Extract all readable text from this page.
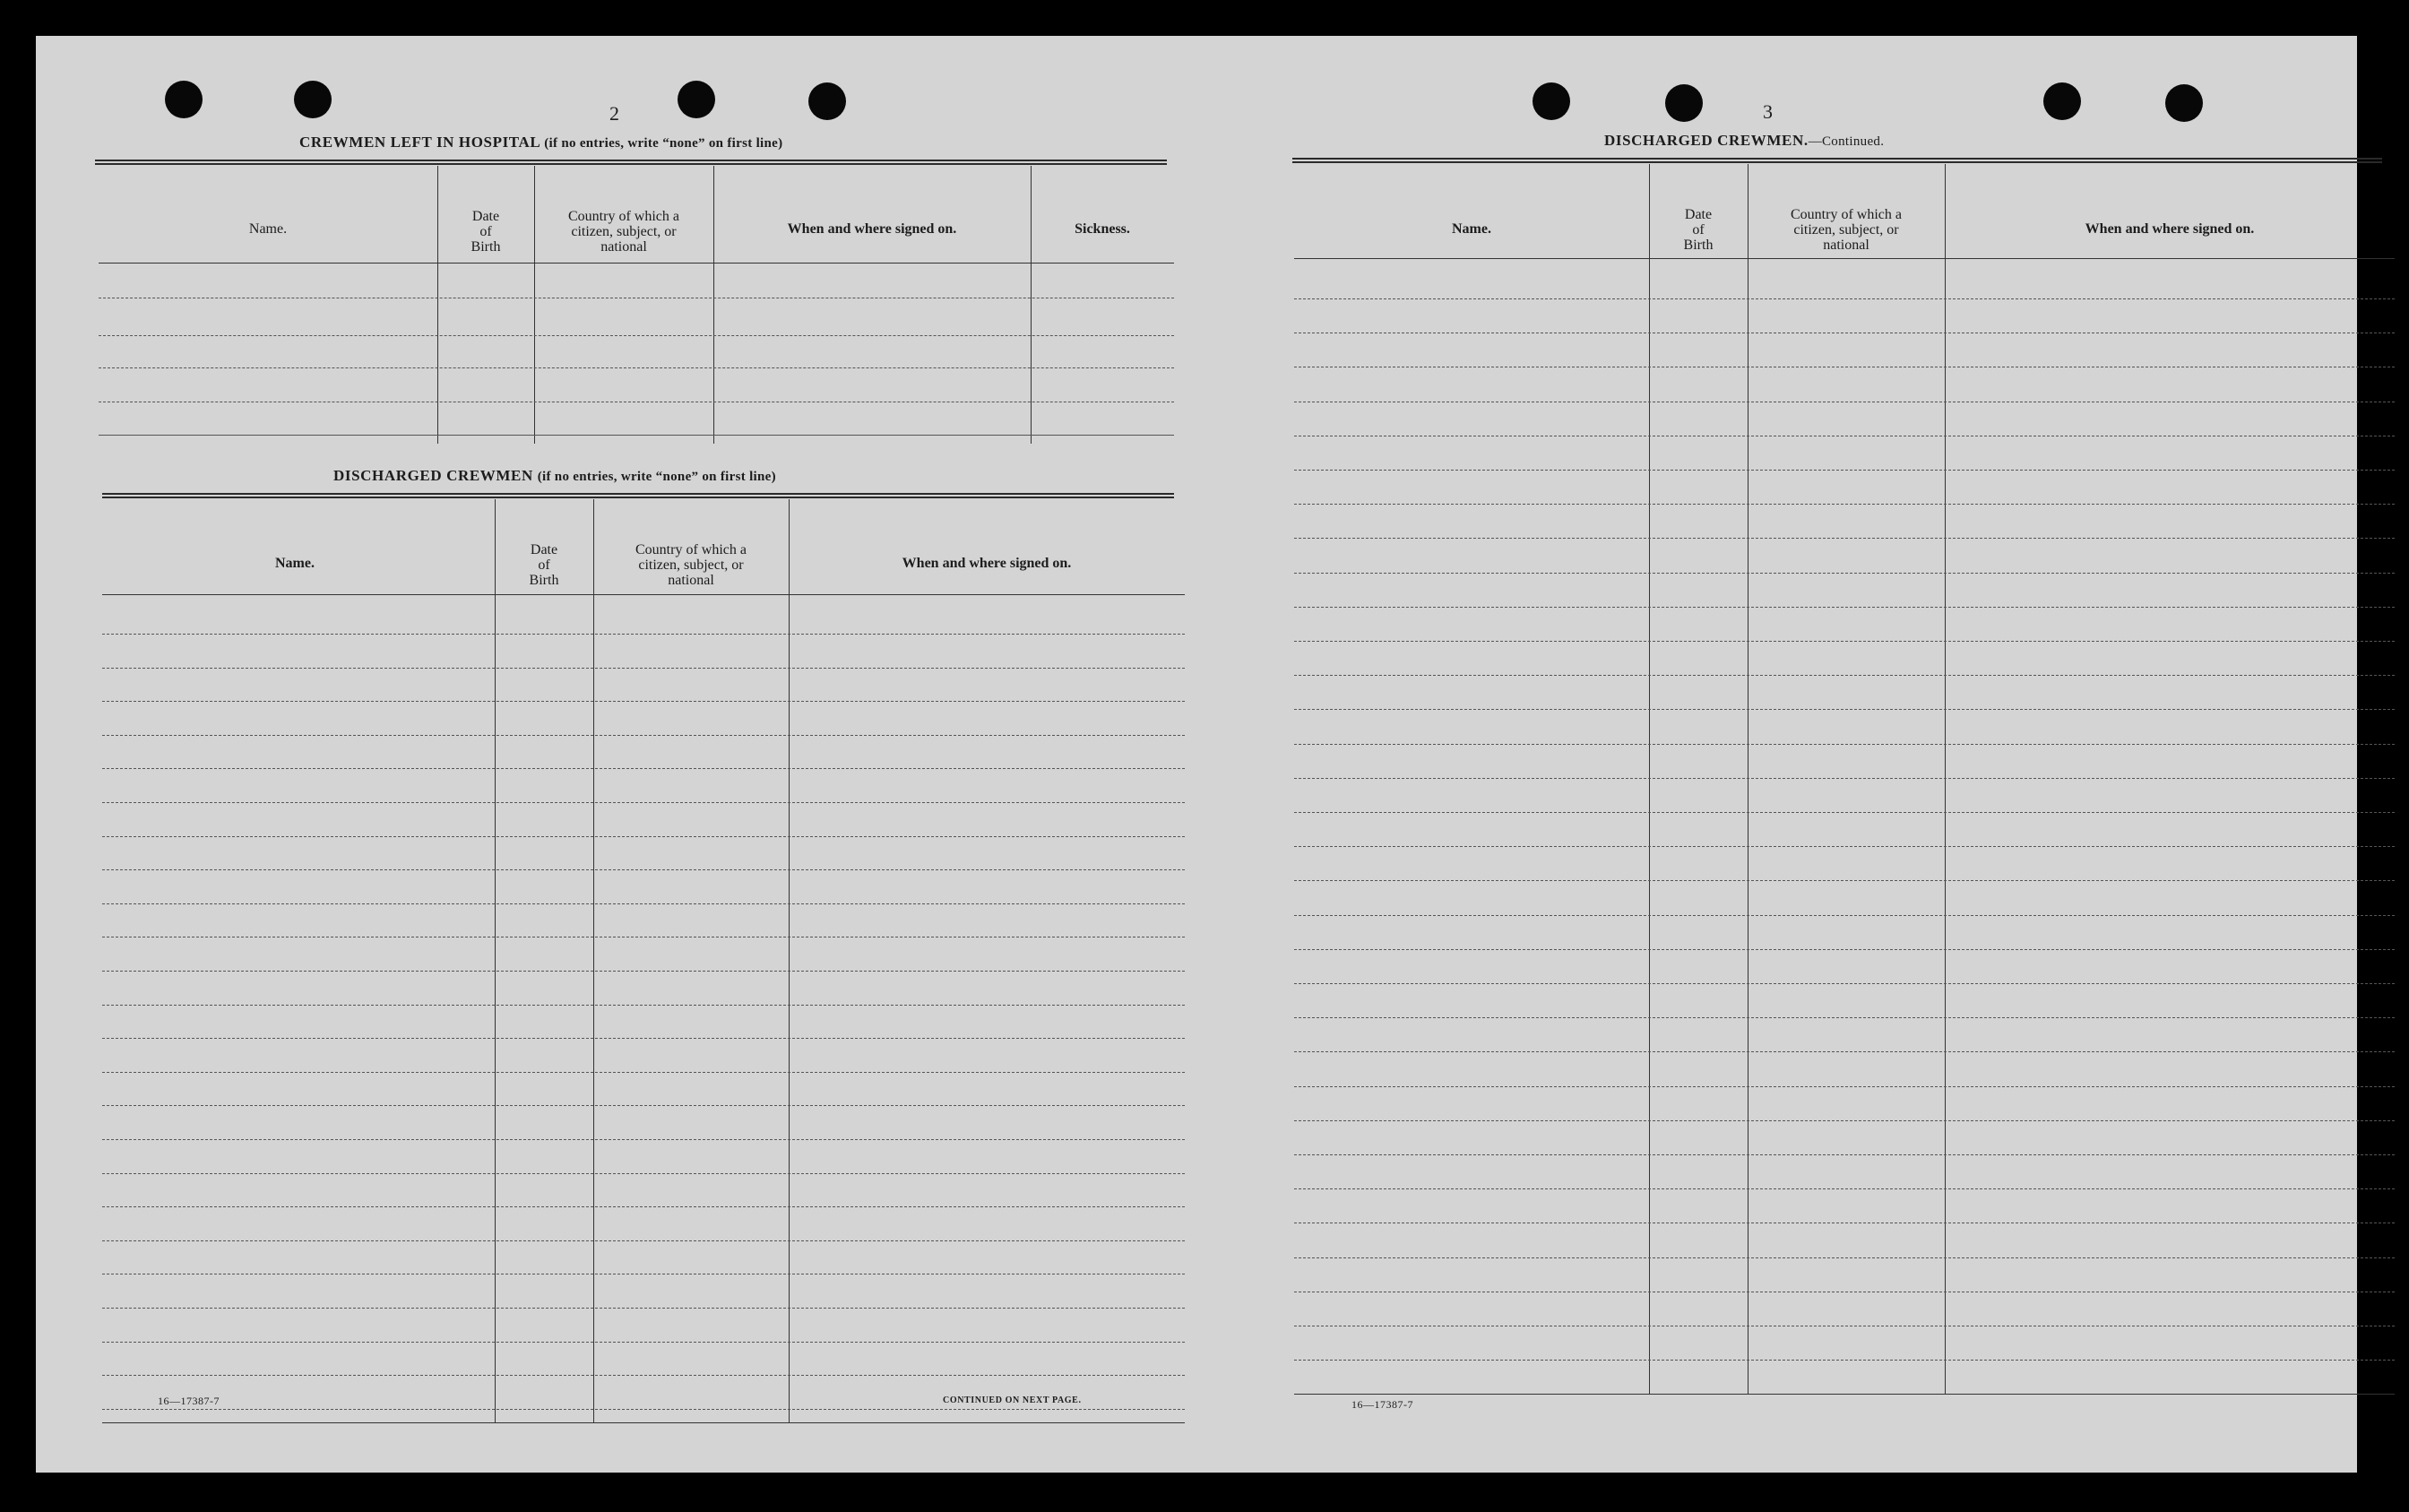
2
CREWMEN LEFT IN HOSPITAL (if no entries, write “none” on first line)
Name.
Date
of
Birth
Country of which a
citizen, subject, or
national
When and where signed on.	Sickness.
DISCHARGED CREWMEN (if no entries, write “none” on first line)
Name.
Date
of
Birth
Country of which a
citizen, subject, or
national
When and where signed on.
16—17387-7	CONTINUED ON NEXT PAGE.
3
DISCHARGED CREWMEN.—Continued.
Name.
Date
of
Birth
Country of which a
citizen, subject, or
national
When and where signed on.
16—17387-7
